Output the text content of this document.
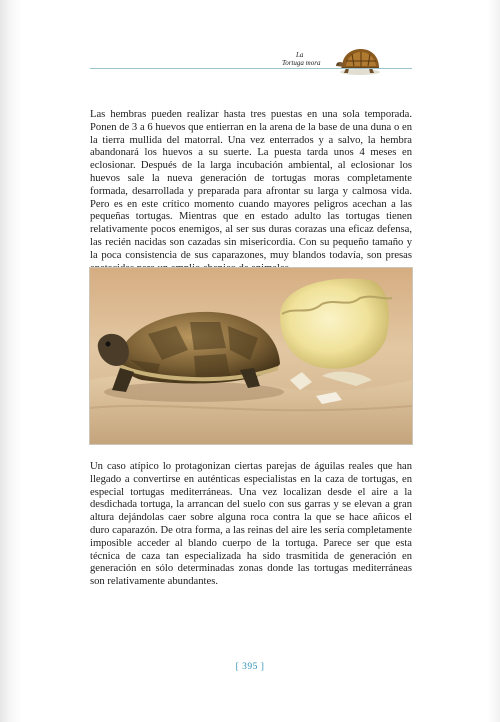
La
Tortuga mora

Las hembras pueden realizar hasta tres puestas en una sola temporada. Ponen de 3 a 6 huevos que entierran en la arena de la base de una duna o en la tierra mullida del matorral. Una vez enterrados y a salvo, la hembra abandonará los huevos a su suerte. La puesta tarda unos 4 meses en eclosionar. Después de la larga incubación ambiental, al eclosionar los huevos sale la nueva generación de tortugas moras completamente formada, desarrollada y preparada para afrontar su larga y calmosa vida. Pero es en este crítico momento cuando mayores peligros acechan a las pequeñas tortugas. Mientras que en estado adulto las tortugas tienen relativamente pocos enemigos, al ser sus duras corazas una eficaz defensa, las recién nacidas son cazadas sin misericordia. Con su pequeño tamaño y la poca consistencia de sus caparazones, muy blandos todavía, son presas

Un caso atípico lo protagonizan ciertas parejas de águilas reales que han llegado a convertirse en auténticas especialistas en la caza de tortugas, en especial tortugas mediterráneas. Una vez localizan desde el aire a la desdichada tortuga, la arrancan del suelo con sus garras y se elevan a gran altura dejándolas caer sobre alguna roca contra la que se hace añicos el duro caparazón. De otra forma, a las reinas del aire les sería completamente imposible acceder al blando cuerpo de la tortuga. Parece ser que esta técnica de caza tan especializada ha sido trasmitida de generación en generación en sólo determinadas zonas donde las tortugas mediterráneas son relativamente abundantes.

[ 395 ]
